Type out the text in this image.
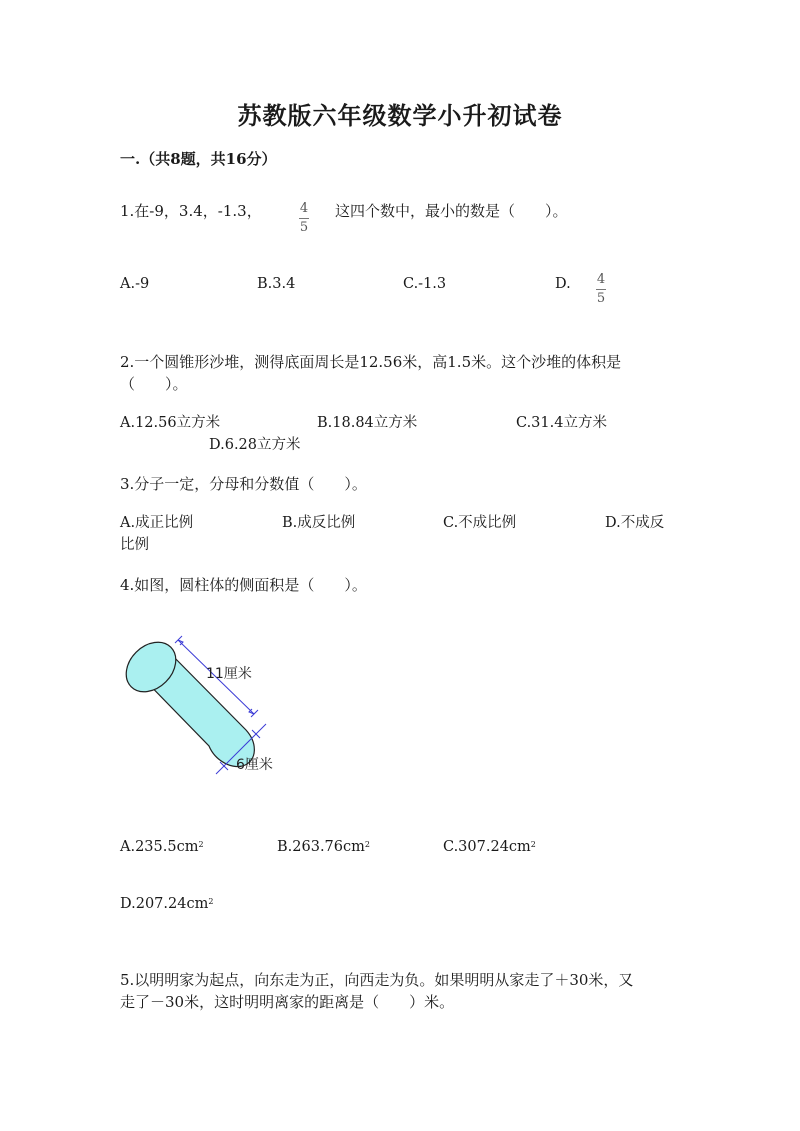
苏教版六年级数学小升初试卷
一.（共8题，共16分）
1.在-9，3.4，-1.3，	$\frac{4}{5}$ 这四个数中，最小的数是（　　）。
A.-9	B.3.4	C.-1.3	D. $\frac{4}{5}$
2.一个圆锥形沙堆，测得底面周长是12.56米，高1.5米。这个沙堆的体积是
（　　）。
A.12.56立方米	B.18.84立方米	C.31.4立方米
D.6.28立方米
3.分子一定，分母和分数值（　　）。
A.成正比例	B.成反比例	C.不成比例	D.不成反
比例
4.如图，圆柱体的侧面积是（　　）。
11厘米
6厘米
$A.235.5cm^2$	$B.263.76cm^2$	$C.307.24cm^2$
$D.207.24cm^2$
5.以明明家为起点，向东走为正，向西走为负。如果明明从家走了＋30米，又
走了－30米，这时明明离家的距离是（　　）米。
